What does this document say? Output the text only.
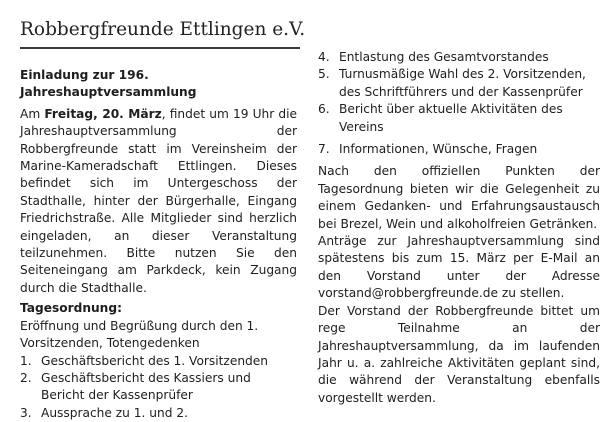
Robbergfreunde Ettlingen e.V.

Einladung zur 196. Jahreshauptversammlung

Am Freitag, 20. März, findet um 19 Uhr die Jahreshauptversammlung der Robbergfreunde statt im Vereinsheim der Marine-Kameradschaft Ettlingen. Dieses befindet sich im Untergeschoss der Stadthalle, hinter der Bürgerhalle, Eingang Friedrichstraße. Alle Mitglieder sind herzlich eingeladen, an dieser Veranstaltung teilzunehmen. Bitte nutzen Sie den Seiteneingang am Parkdeck, kein Zugang durch die Stadthalle.

Tagesordnung:

Eröffnung und Begrüßung durch den 1. Vorsitzenden, Totengedenken

1. Geschäftsbericht des 1. Vorsitzenden
2. Geschäftsbericht des Kassiers und Bericht der Kassenprüfer
3. Aussprache zu 1. und 2.
4. Entlastung des Gesamtvorstandes
5. Turnusmäßige Wahl des 2. Vorsitzenden, des Schriftführers und der Kassenprüfer
6. Bericht über aktuelle Aktivitäten des Vereins
7. Informationen, Wünsche, Fragen

Nach den offiziellen Punkten der Tagesordnung bieten wir die Gelegenheit zu einem Gedanken- und Erfahrungsaustausch bei Brezel, Wein und alkoholfreien Getränken.

Anträge zur Jahreshauptversammlung sind spätestens bis zum 15. März per E-Mail an den Vorstand unter der Adresse vorstand@robbergfreunde.de zu stellen.

Der Vorstand der Robbergfreunde bittet um rege Teilnahme an der Jahreshauptversammlung, da im laufenden Jahr u. a. zahlreiche Aktivitäten geplant sind, die während der Veranstaltung ebenfalls vorgestellt werden.
